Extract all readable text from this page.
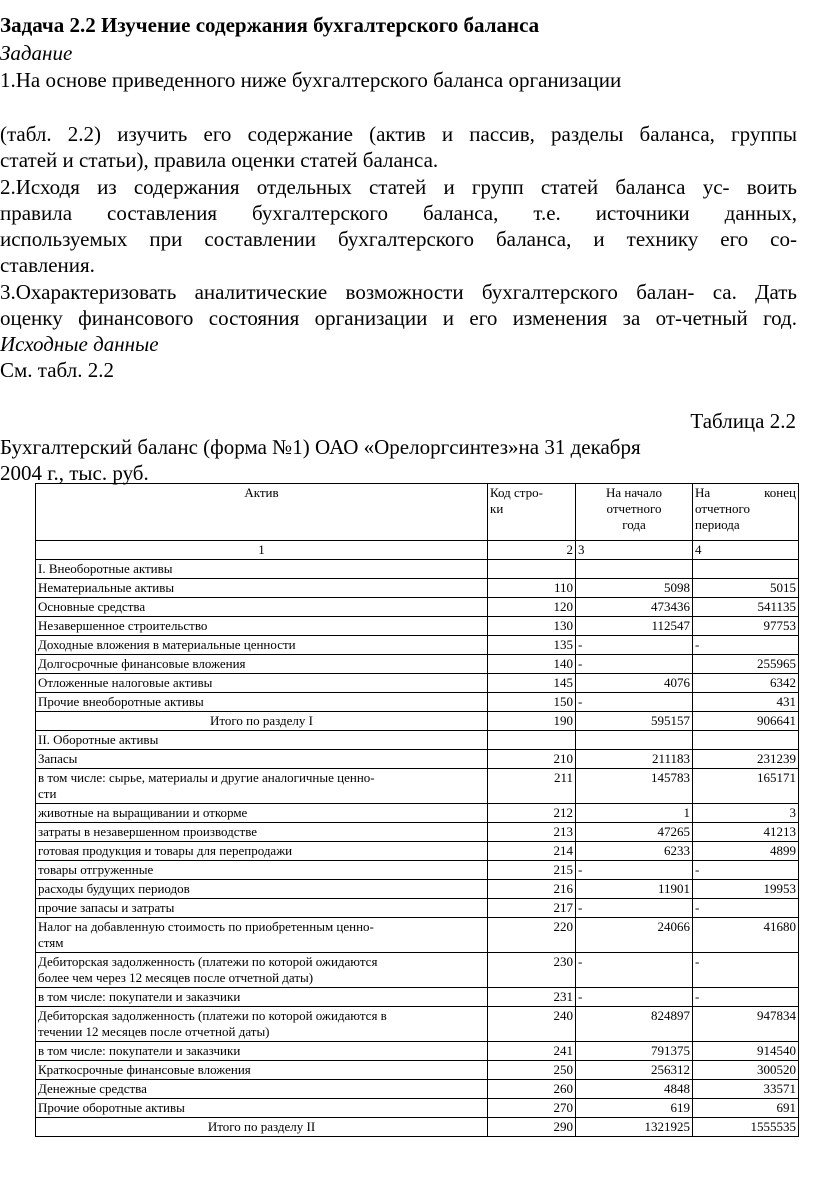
Задача 2.2 Изучение содержания бухгалтерского баланса
Задание
1.На основе приведенного ниже бухгалтерского баланса организации
(табл. 2.2) изучить его содержание (актив и пассив, разделы баланса, группы
статей и статьи), правила оценки статей баланса.
2.Исходя из содержания отдельных статей и групп статей баланса ус- воить
правила составления бухгалтерского баланса, т.е. источники данных,
используемых при составлении бухгалтерского баланса, и технику его со-
ставления.
3.Охарактеризовать аналитические возможности бухгалтерского балан- са. Дать
оценку финансового состояния организации и его изменения за от-четный год.
Исходные данные
См. табл. 2.2
Таблица 2.2
Бухгалтерский баланс (форма №1) ОАО «Орелоргсинтез»на 31 декабря
2004 г., тыс. руб.
Актив	Код стро-
ки	На начало
отчетного
года	На конец
отчетного
периода
1	2	3	4
I. Внеоборотные активы			
Нематериальные активы	110	5098	5015
Основные средства	120	473436	541135
Незавершенное строительство	130	112547	97753
Доходные вложения в материальные ценности	135	-	-
Долгосрочные финансовые вложения	140	-	255965
Отложенные налоговые активы	145	4076	6342
Прочие внеоборотные активы	150	-	431
Итого по разделу I	190	595157	906641
II. Оборотные активы			
Запасы	210	211183	231239
в том числе: сырье, материалы и другие аналогичные ценно-
сти	211	145783	165171
животные на выращивании и откорме	212	1	3
затраты в незавершенном производстве	213	47265	41213
готовая продукция и товары для перепродажи	214	6233	4899
товары отгруженные	215	-	-
расходы будущих периодов	216	11901	19953
прочие запасы и затраты	217	-	-
Налог на добавленную стоимость по приобретенным ценно-
стям	220	24066	41680
Дебиторская задолженность (платежи по которой ожидаются
более чем через 12 месяцев после отчетной даты)	230	-	-
в том числе: покупатели и заказчики	231	-	-
Дебиторская задолженность (платежи по которой ожидаются в
течении 12 месяцев после отчетной даты)	240	824897	947834
в том числе: покупатели и заказчики	241	791375	914540
Краткосрочные финансовые вложения	250	256312	300520
Денежные средства	260	4848	33571
Прочие оборотные активы	270	619	691
Итого по разделу II	290	1321925	1555535
